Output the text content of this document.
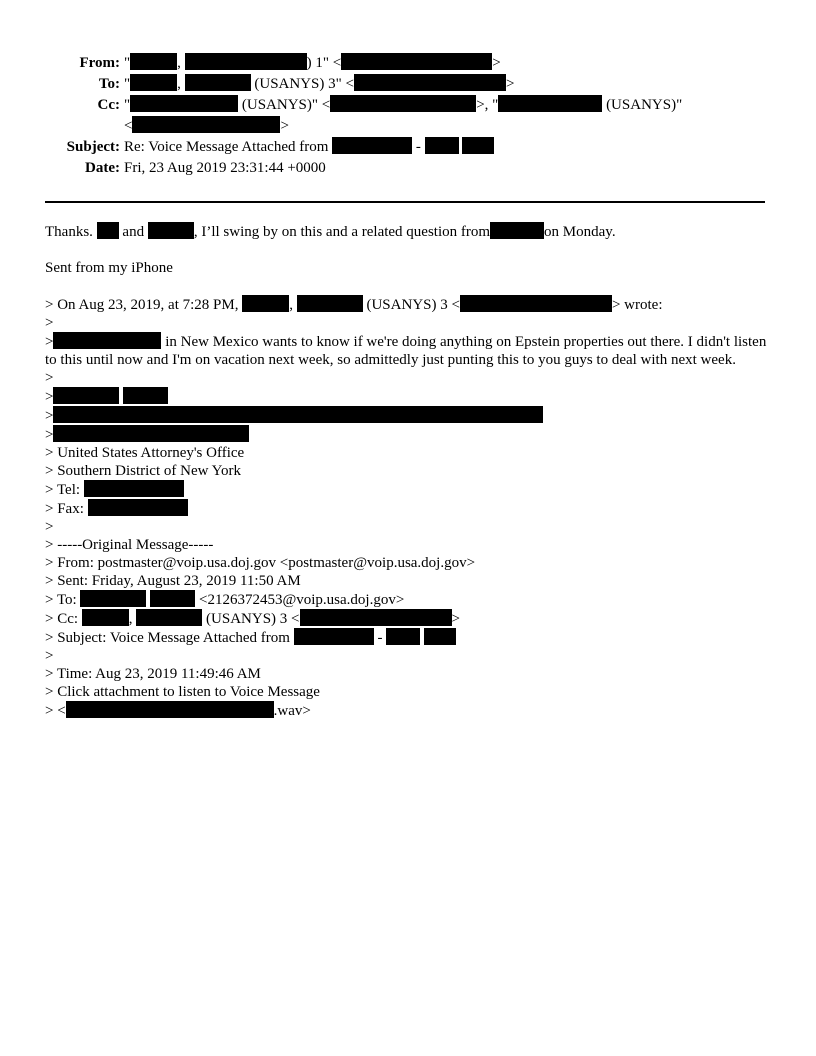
From: "	,	) 1" <	>
To: "	,	(USANYS) 3" <	>
Cc: "	(USANYS)" <	>, "	(USANYS)"
<	>
Subject: Re: Voice Message Attached from	-
Date: Fri, 23 Aug 2019 23:31:44 +0000
Thanks. and	, I’ll swing by on this and a related question from	on Monday.
Sent from my iPhone
> On Aug 23, 2019, at 7:28 PM,	,	(USANYS) 3 <	> wrote:
>
>	in New Mexico wants to know if we're doing anything on Epstein properties out there. I didn't listen to this until now and I'm on vacation next week, so admittedly just punting this to you guys to deal with next week.
>
>
>
>
> United States Attorney's Office
> Southern District of New York
> Tel:
> Fax:
>
> -----Original Message-----
> From: postmaster@voip.usa.doj.gov <postmaster@voip.usa.doj.gov>
> Sent: Friday, August 23, 2019 11:50 AM
> To:	<2126372453@voip.usa.doj.gov>
> Cc:	,	(USANYS) 3 <	>
> Subject: Voice Message Attached from	-
>
> Time: Aug 23, 2019 11:49:46 AM
> Click attachment to listen to Voice Message
> <	.wav>
